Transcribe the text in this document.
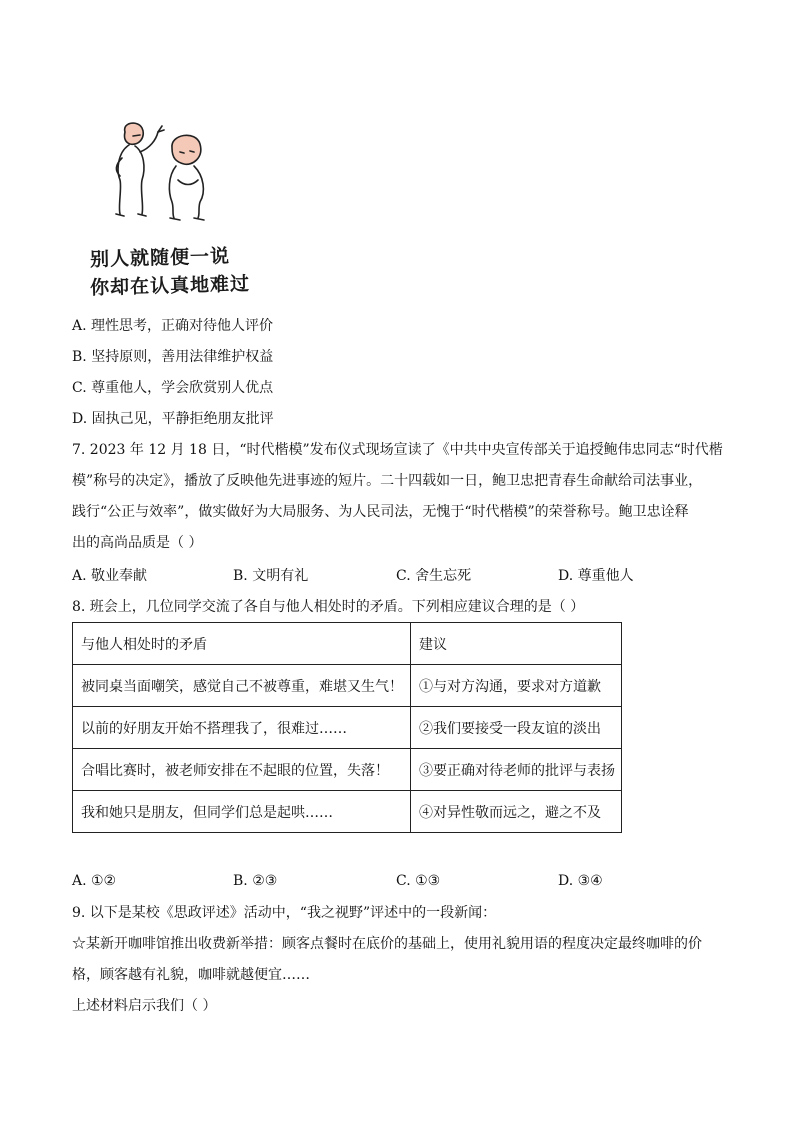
别人就随便一说
你却在认真地难过
A. 理性思考，正确对待他人评价
B. 坚持原则，善用法律维护权益
C. 尊重他人，学会欣赏别人优点
D. 固执己见，平静拒绝朋友批评
7. 2023 年 12 月 18 日，“时代楷模”发布仪式现场宣读了《中共中央宣传部关于追授鲍伟忠同志“时代楷
模”称号的决定》，播放了反映他先进事迹的短片。二十四载如一日，鲍卫忠把青春生命献给司法事业，
践行“公正与效率”，做实做好为大局服务、为人民司法，无愧于“时代楷模”的荣誉称号。鲍卫忠诠释
出的高尚品质是（ ）
A. 敬业奉献	B. 文明有礼	C. 舍生忘死	D. 尊重他人
8. 班会上，几位同学交流了各自与他人相处时的矛盾。下列相应建议合理的是（ ）
与他人相处时的矛盾	建议
被同桌当面嘲笑，感觉自己不被尊重，难堪又生气！	①与对方沟通，要求对方道歉
以前的好朋友开始不搭理我了，很难过……	②我们要接受一段友谊的淡出
合唱比赛时，被老师安排在不起眼的位置，失落！	③要正确对待老师的批评与表扬
我和她只是朋友，但同学们总是起哄……	④对异性敬而远之，避之不及
A. ①②	B. ②③	C. ①③	D. ③④
9. 以下是某校《思政评述》活动中，“我之视野”评述中的一段新闻：
☆某新开咖啡馆推出收费新举措：顾客点餐时在底价的基础上，使用礼貌用语的程度决定最终咖啡的价
格，顾客越有礼貌，咖啡就越便宜……
上述材料启示我们（ ）
